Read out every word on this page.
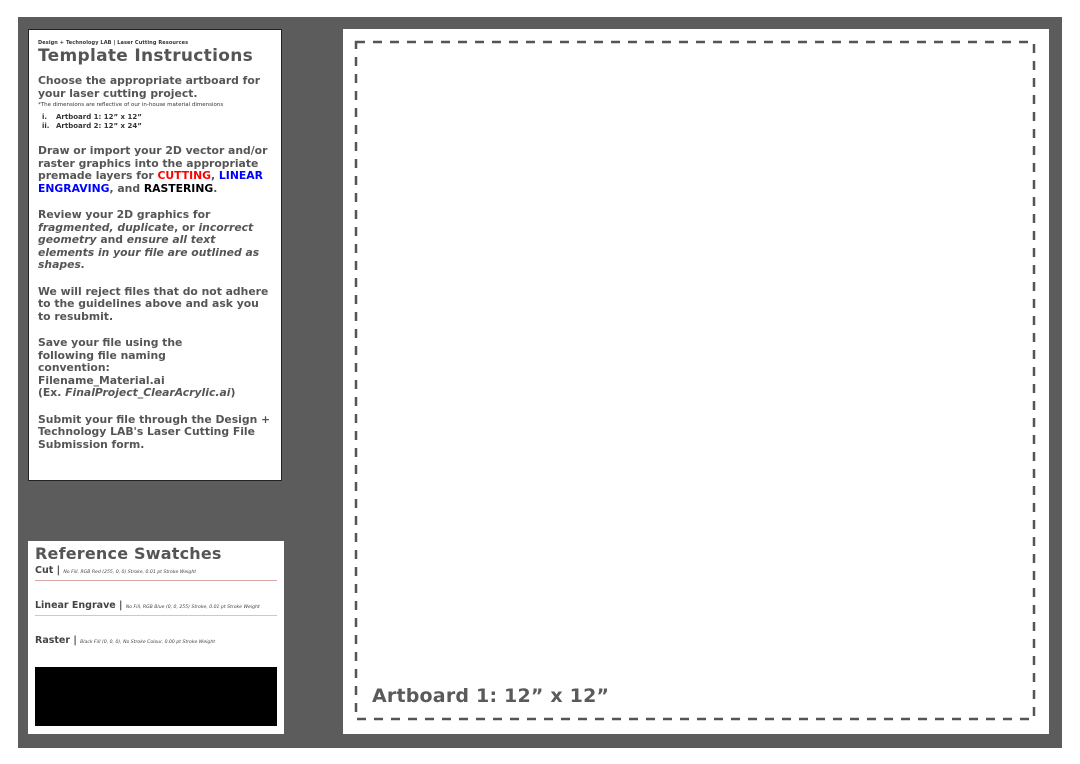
Design + Technology LAB | Laser Cutting Resources
Template Instructions
Choose the appropriate artboard for your laser cutting project.
*The dimensions are reflective of our in-house material dimensions
i. Artboard 1: 12” x 12”
ii. Artboard 2: 12” x 24”
Draw or import your 2D vector and/or raster graphics into the appropriate premade layers for CUTTING, LINEAR ENGRAVING, and RASTERING.
Review your 2D graphics for fragmented, duplicate, or incorrect geometry and ensure all text elements in your file are outlined as shapes.
We will reject files that do not adhere to the guidelines above and ask you to resubmit.
Save your file using the following file naming convention:
Filename_Material.ai
(Ex. FinalProject_ClearAcrylic.ai)
Submit your file through the Design + Technology LAB's Laser Cutting File Submission form.
Reference Swatches
Cut | No Fill, RGB Red (255, 0, 0) Stroke, 0.01 pt Stroke Weight
Linear Engrave | No Fill, RGB Blue (0, 0, 255) Stroke, 0.01 pt Stroke Weight
Raster | Black Fill (0, 0, 0), No Stroke Colour, 0.00 pt Stroke Weight
Artboard 1: 12” x 12”
